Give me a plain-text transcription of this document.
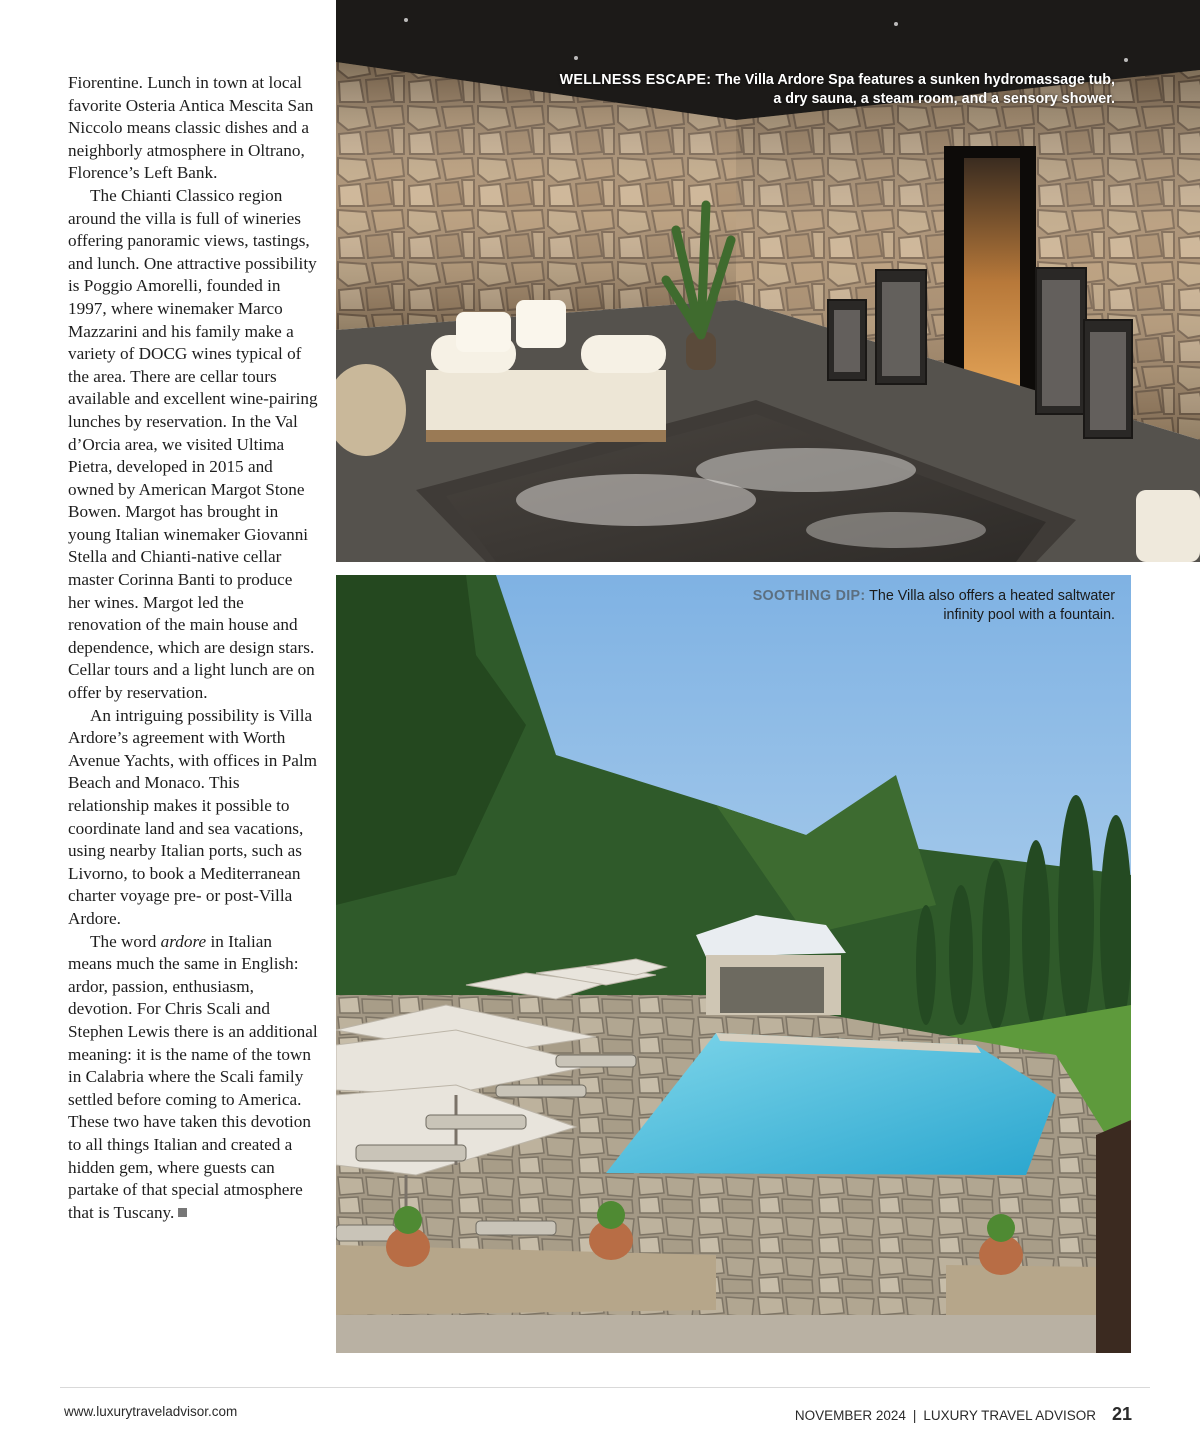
Fiorentine. Lunch in town at local favorite Osteria Antica Mescita San Niccolo means classic dishes and a neighborly atmosphere in Oltrano, Florence’s Left Bank.

The Chianti Classico region around the villa is full of wineries offering panoramic views, tastings, and lunch. One attractive possibility is Poggio Amorelli, founded in 1997, where winemaker Marco Mazzarini and his family make a variety of DOCG wines typical of the area. There are cellar tours available and excellent wine-pairing lunches by reservation. In the Val d’Orcia area, we visited Ultima Pietra, developed in 2015 and owned by American Margot Stone Bowen. Margot has brought in young Italian winemaker Giovanni Stella and Chianti-native cellar master Corinna Banti to produce her wines. Margot led the renovation of the main house and dependence, which are design stars. Cellar tours and a light lunch are on offer by reservation.

An intriguing possibility is Villa Ardore’s agreement with Worth Avenue Yachts, with offices in Palm Beach and Monaco. This relationship makes it possible to coordinate land and sea vacations, using nearby Italian ports, such as Livorno, to book a Mediterranean charter voyage pre- or post-Villa Ardore.

The word ardore in Italian means much the same in English: ardor, passion, enthusiasm, devotion. For Chris Scali and Stephen Lewis there is an additional meaning: it is the name of the town in Calabria where the Scali family settled before coming to America. These two have taken this devotion to all things Italian and created a hidden gem, where guests can partake of that special atmosphere that is Tuscany.

WELLNESS ESCAPE: The Villa Ardore Spa features a sunken hydromassage tub, a dry sauna, a steam room, and a sensory shower.
SOOTHING DIP: The Villa also offers a heated saltwater infinity pool with a fountain.
www.luxurytraveladvisor.com	NOVEMBER 2024 | LUXURY TRAVEL ADVISOR 21
